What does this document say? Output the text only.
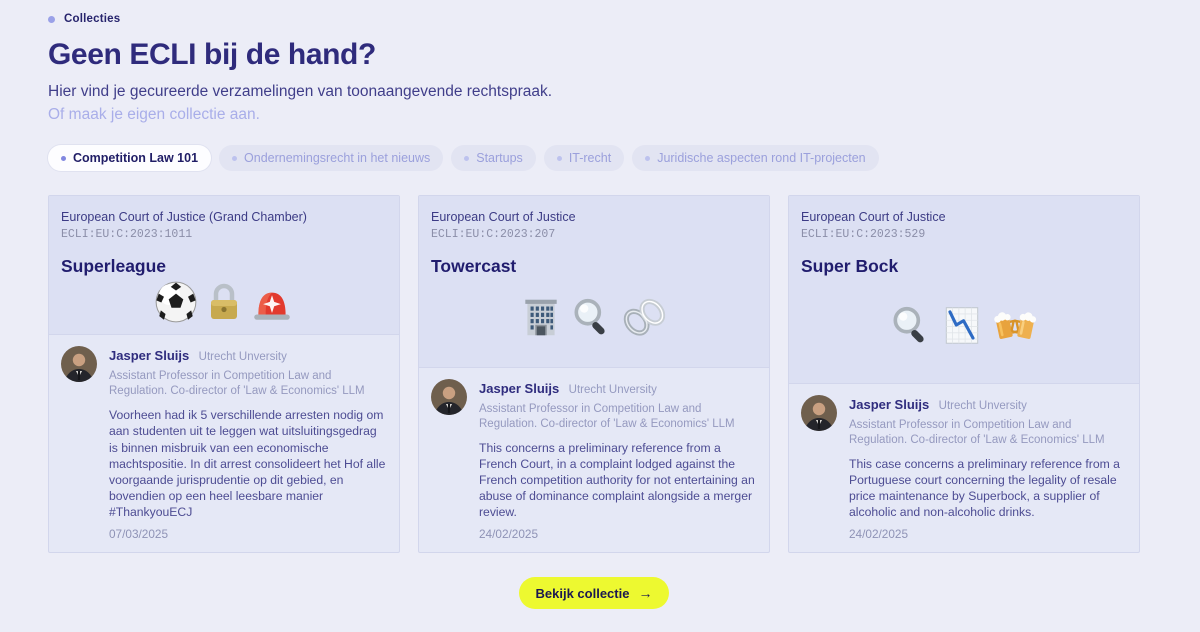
Collecties
Geen ECLI bij de hand?

Hier vind je gecureerde verzamelingen van toonaangevende rechtspraak.

Of maak je eigen collectie aan.

Competition Law 101	Ondernemingsrecht in het nieuws	Startups	IT-recht	Juridische aspecten rond IT-projecten
European Court of Justice (Grand Chamber)
ECLI:EU:C:2023:1011
Superleague
Jasper Sluijs Utrecht Unversity
Assistant Professor in Competition Law and Regulation. Co-director of 'Law & Economics' LLM

Voorheen had ik 5 verschillende arresten nodig om aan studenten uit te leggen wat uitsluitingsgedrag is binnen misbruik van een economische machtspositie. In dit arrest consolideert het Hof alle voorgaande jurisprudentie op dit gebied, en bovendien op een heel leesbare manier #ThankyouECJ

07/03/2025
European Court of Justice
ECLI:EU:C:2023:207
Towercast
Jasper Sluijs Utrecht Unversity
Assistant Professor in Competition Law and Regulation. Co-director of 'Law & Economics' LLM

This concerns a preliminary reference from a French Court, in a complaint lodged against the French competition authority for not entertaining an abuse of dominance complaint alongside a merger review.

24/02/2025
European Court of Justice
ECLI:EU:C:2023:529
Super Bock
Jasper Sluijs Utrecht Unversity
Assistant Professor in Competition Law and Regulation. Co-director of 'Law & Economics' LLM

This case concerns a preliminary reference from a Portuguese court concerning the legality of resale price maintenance by Superbock, a supplier of alcoholic and non-alcoholic drinks.

24/02/2025
Bekijk collectie →
